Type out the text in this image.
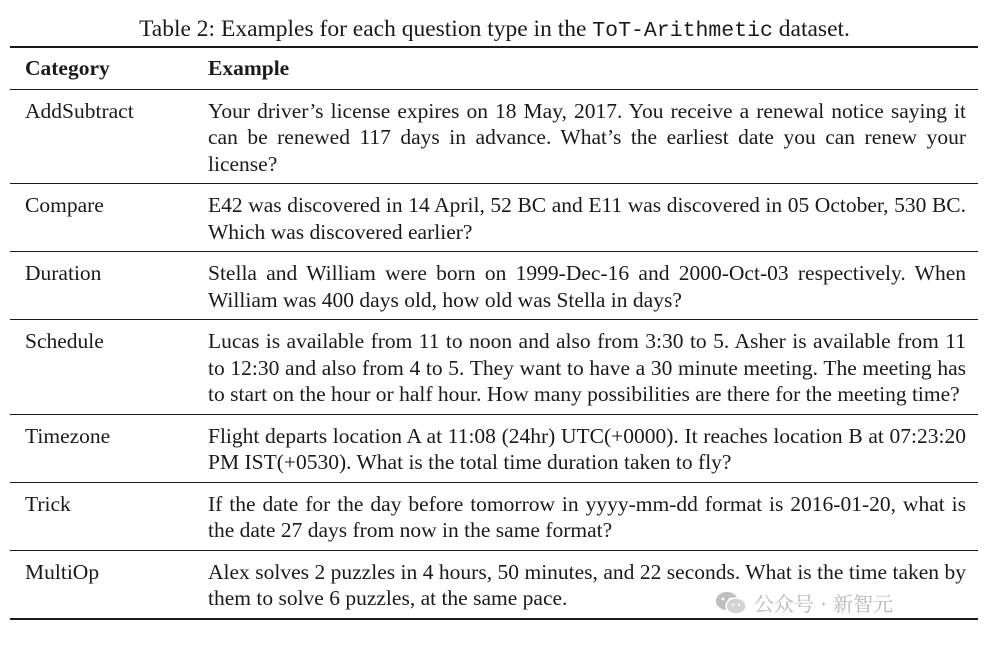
Table 2: Examples for each question type in the ToT-Arithmetic dataset.
Category	Example
AddSubtract	Your driver’s license expires on 18 May, 2017. You receive a renewal notice saying it can be renewed 117 days in advance. What’s the earliest date you can renew your license?
Compare	E42 was discovered in 14 April, 52 BC and E11 was discovered in 05 October, 530 BC. Which was discovered earlier?
Duration	Stella and William were born on 1999-Dec-16 and 2000-Oct-03 respectively. When William was 400 days old, how old was Stella in days?
Schedule	Lucas is available from 11 to noon and also from 3:30 to 5. Asher is available from 11 to 12:30 and also from 4 to 5. They want to have a 30 minute meeting. The meeting has to start on the hour or half hour. How many possibilities are there for the meeting time?
Timezone	Flight departs location A at 11:08 (24hr) UTC(+0000). It reaches location B at 07:23:20 PM IST(+0530). What is the total time duration taken to fly?
Trick	If the date for the day before tomorrow in yyyy-mm-dd format is 2016-01-20, what is the date 27 days from now in the same format?
MultiOp	Alex solves 2 puzzles in 4 hours, 50 minutes, and 22 seconds. What is the time taken by them to solve 6 puzzles, at the same pace.	公众号 · 新智元
